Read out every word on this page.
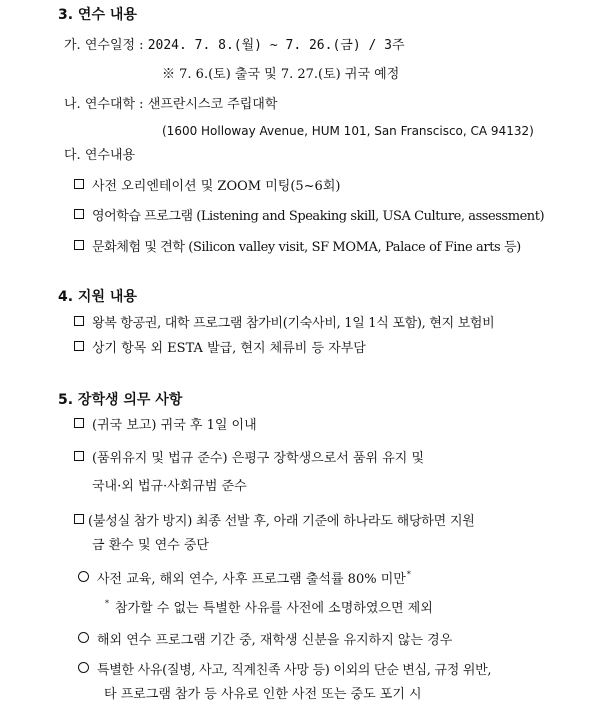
3. 연수 내용
가. 연수일정 : 2024. 7. 8.(월) ~ 7. 26.(금) / 3주
※ 7. 6.(토) 출국 및 7. 27.(토) 귀국 예정
나. 연수대학 : 샌프란시스코 주립대학
(1600 Holloway Avenue, HUM 101, San Franscisco, CA 94132)
다. 연수내용
사전 오리엔테이션 및 ZOOM 미팅(5~6회)
영어학습 프로그램 (Listening and Speaking skill, USA Culture, assessment)
문화체험 및 견학 (Silicon valley visit, SF MOMA, Palace of Fine arts 등)
4. 지원 내용
왕복 항공권, 대학 프로그램 참가비(기숙사비, 1일 1식 포함), 현지 보험비
상기 항목 외 ESTA 발급, 현지 체류비 등 자부담
5. 장학생 의무 사항
(귀국 보고) 귀국 후 1일 이내
(품위유지 및 법규 준수) 은평구 장학생으로서 품위 유지 및
국내·외 법규·사회규범 준수
(불성실 참가 방지) 최종 선발 후, 아래 기준에 하나라도 해당하면 지원
금 환수 및 연수 중단
사전 교육, 해외 연수, 사후 프로그램 출석률 80% 미만*
* 참가할 수 없는 특별한 사유를 사전에 소명하였으면 제외
해외 연수 프로그램 기간 중, 재학생 신분을 유지하지 않는 경우
특별한 사유(질병, 사고, 직계친족 사망 등) 이외의 단순 변심, 규정 위반,
타 프로그램 참가 등 사유로 인한 사전 또는 중도 포기 시
